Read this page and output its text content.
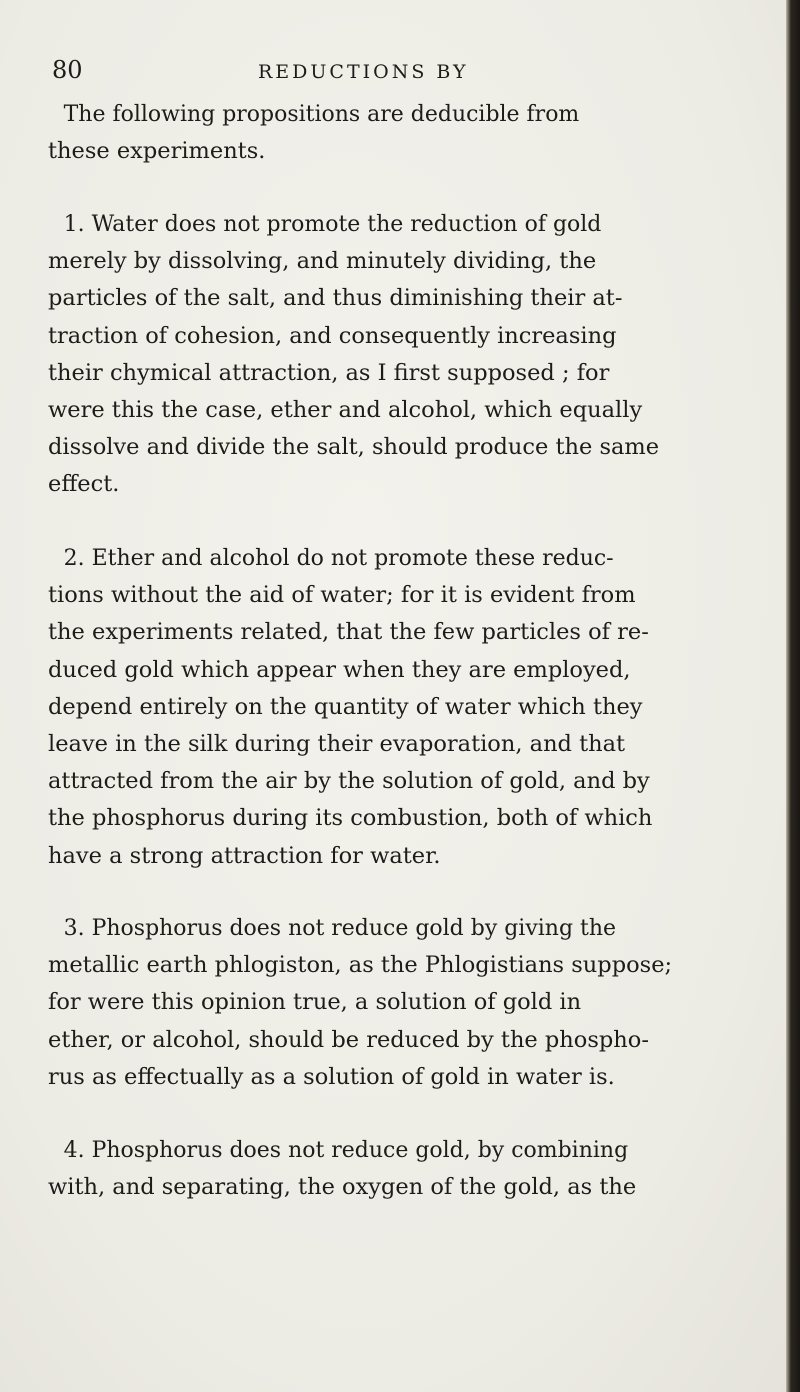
80	REDUCTIONS BY

The following propositions are deducible from
these experiments.

1. Water does not promote the reduction of gold
merely by dissolving, and minutely dividing, the
particles of the salt, and thus diminishing their at-
traction of cohesion, and consequently increasing
their chymical attraction, as I first supposed ; for
were this the case, ether and alcohol, which equally
dissolve and divide the salt, should produce the same
effect.

2. Ether and alcohol do not promote these reduc-
tions without the aid of water; for it is evident from
the experiments related, that the few particles of re-
duced gold which appear when they are employed,
depend entirely on the quantity of water which they
leave in the silk during their evaporation, and that
attracted from the air by the solution of gold, and by
the phosphorus during its combustion, both of which
have a strong attraction for water.

3. Phosphorus does not reduce gold by giving the
metallic earth phlogiston, as the Phlogistians suppose;
for were this opinion true, a solution of gold in
ether, or alcohol, should be reduced by the phospho-
rus as effectually as a solution of gold in water is.

4. Phosphorus does not reduce gold, by combining
with, and separating, the oxygen of the gold, as the
